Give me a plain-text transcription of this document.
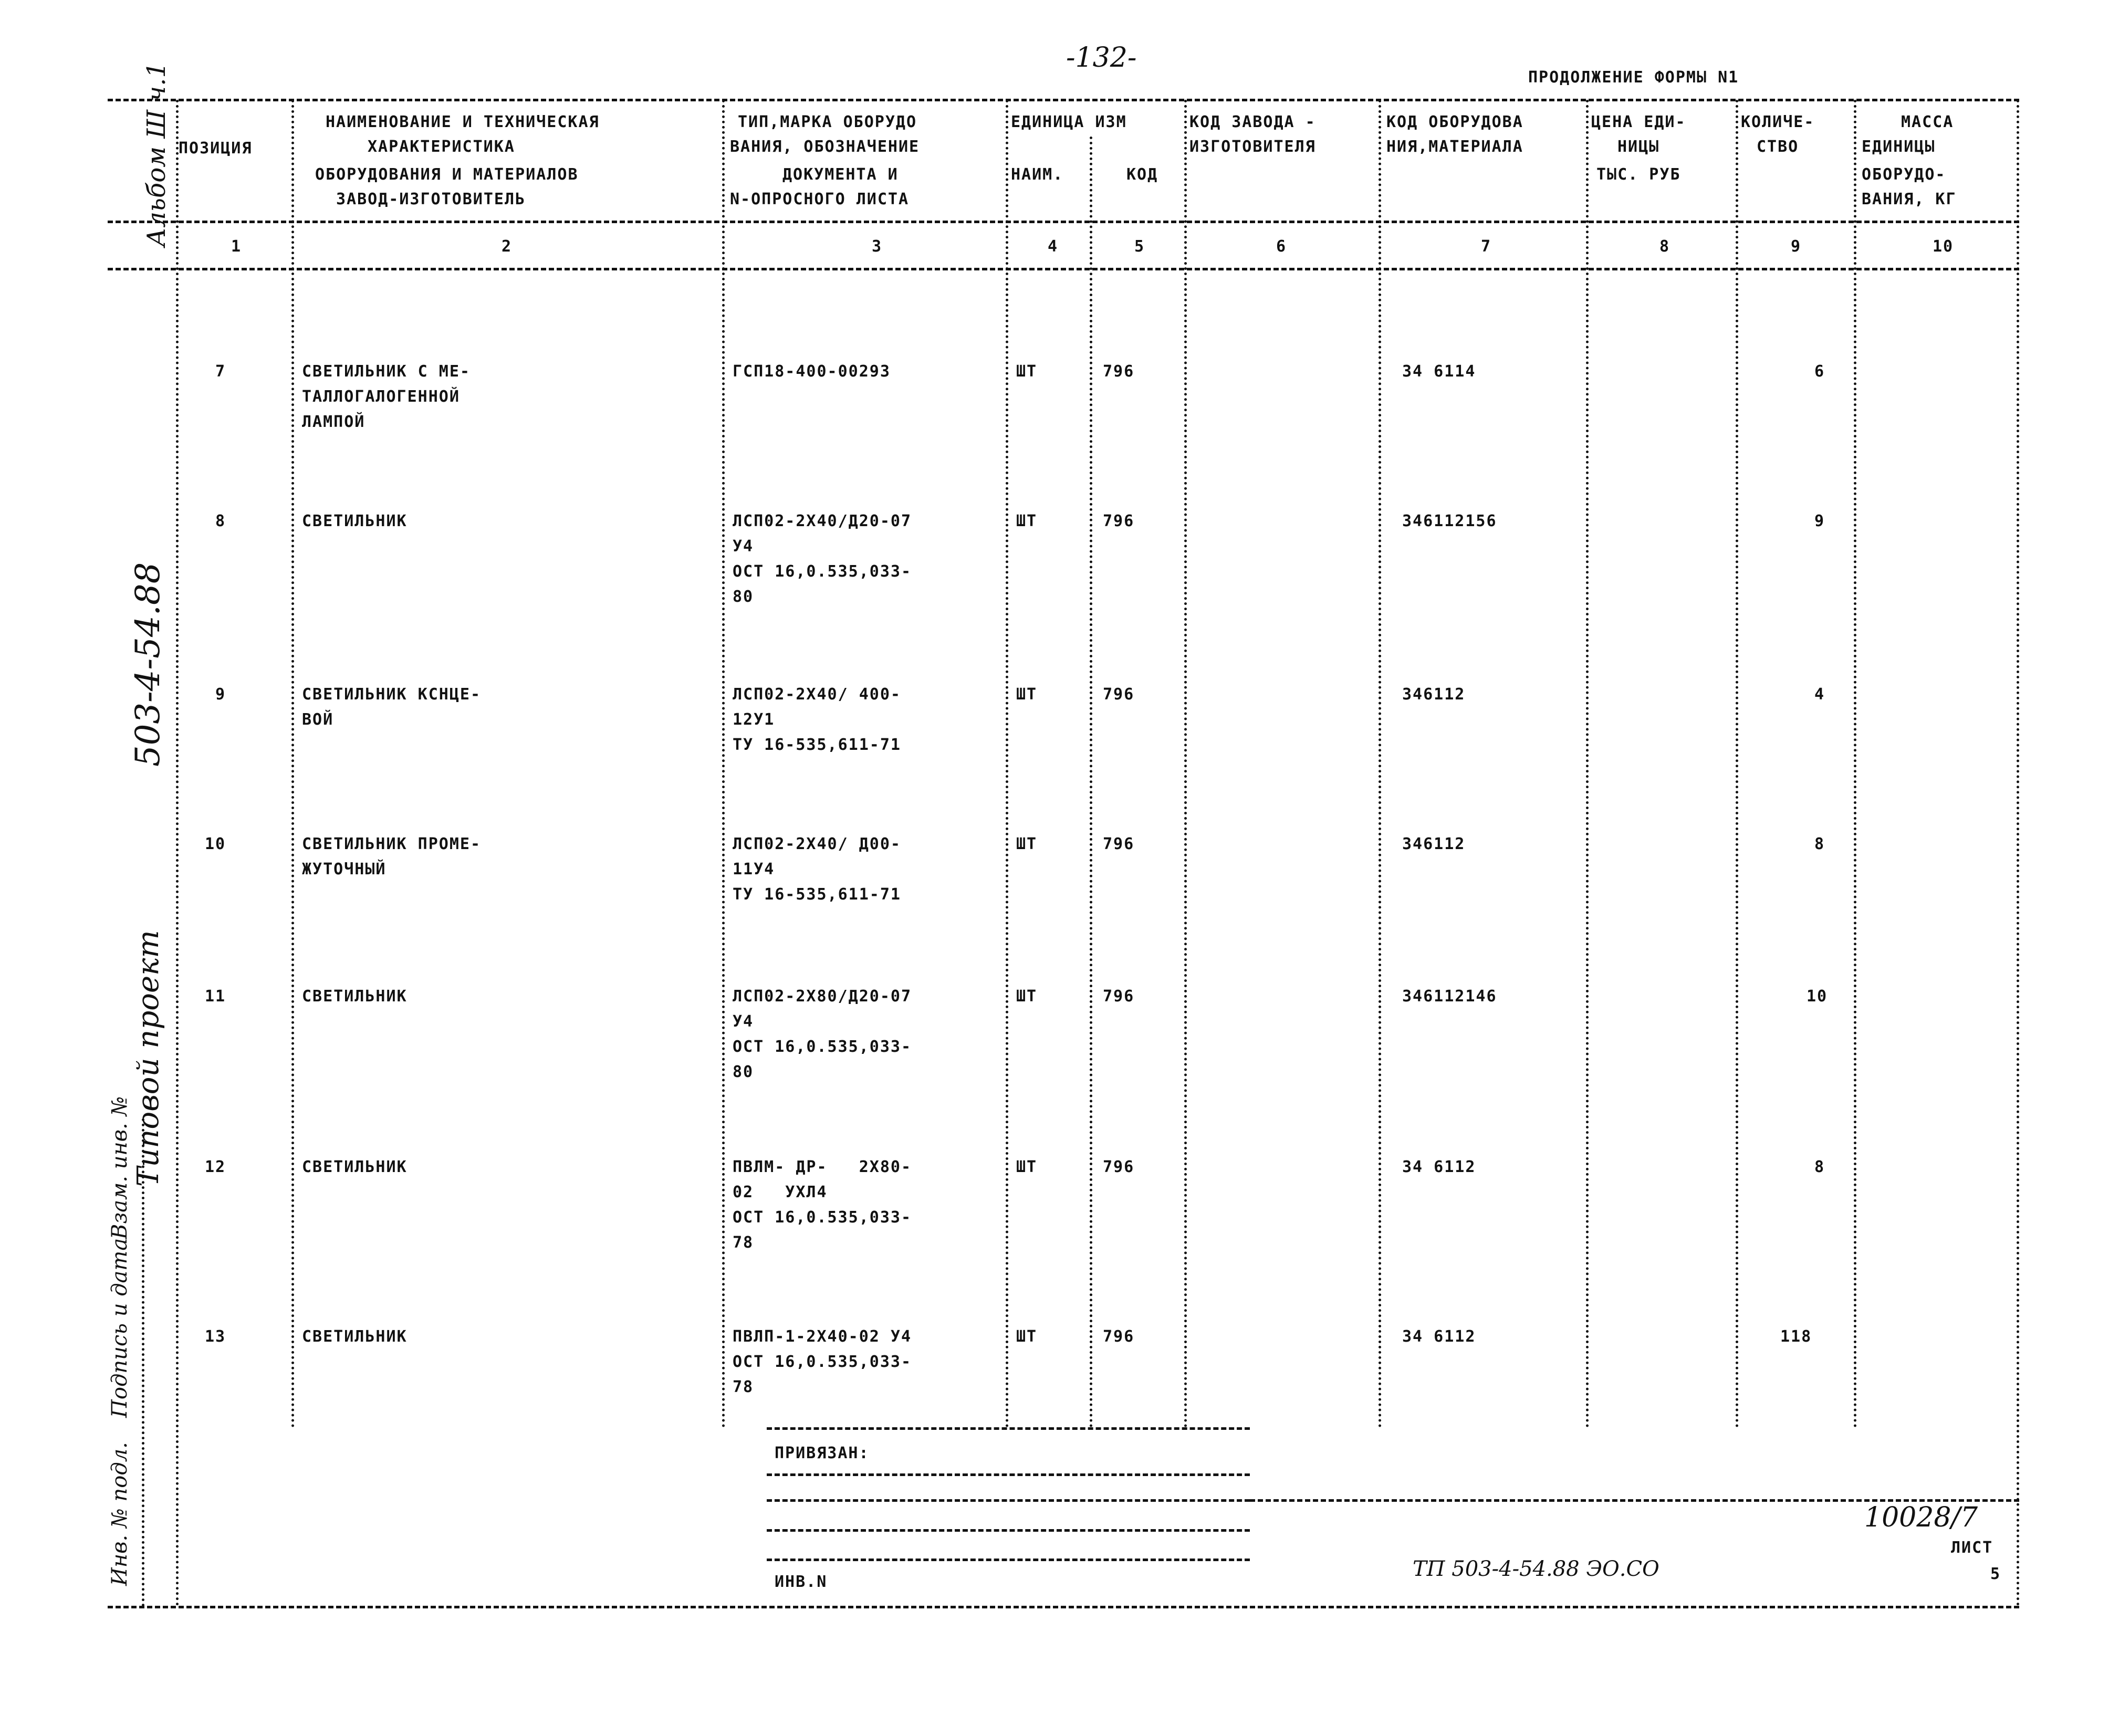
-132-
ПРОДОЛЖЕНИЕ ФОРМЫ N1
Альбом Ш ч.1
503-4-54.88
Типовой проект
Взам. инв. №
Подпись и дата
Инв. № подл.
ПОЗИЦИЯ
НАИМЕНОВАНИЕ И ТЕХНИЧЕСКАЯ
ХАРАКТЕРИСТИКА
ОБОРУДОВАНИЯ И МАТЕРИАЛОВ
ЗАВОД-ИЗГОТОВИТЕЛЬ
ТИП,МАРКА ОБОРУДО
ВАНИЯ, ОБОЗНАЧЕНИЕ
ДОКУМЕНТА И
N-ОПРОСНОГО ЛИСТА
ЕДИНИЦА ИЗМ
НАИМ.	КОД
КОД ЗАВОДА -
ИЗГОТОВИТЕЛЯ
КОД ОБОРУДОВА
НИЯ,МАТЕРИАЛА
ЦЕНА ЕДИ-
НИЦЫ
ТЫС. РУБ
КОЛИЧЕ-
СТВО
МАССА
ЕДИНИЦЫ
ОБОРУДО-
ВАНИЯ, КГ
1	2	3	4	5	6	7	8	9	10
7	СВЕТИЛЬНИК С МЕ-
ТАЛЛОГАЛОГЕННОЙ
ЛАМПОЙ
ГСП18-400-00293	ШТ	796	34 6114	6
8	СВЕТИЛЬНИК	ЛСП02-2X40/Д20-07
У4
ОСТ 16,0.535,033-
80
ШТ	796	346112156	9
9	СВЕТИЛЬНИК КСНЦЕ-
ВОЙ
ЛСП02-2X40/ 400-
12У1
ТУ 16-535,611-71
ШТ	796	346112	4
10	СВЕТИЛЬНИК ПРОМЕ-
ЖУТОЧНЫЙ
ЛСП02-2X40/ Д00-
11У4
ТУ 16-535,611-71
ШТ	796	346112	8
11	СВЕТИЛЬНИК	ЛСП02-2X80/Д20-07
У4
ОСТ 16,0.535,033-
80
ШТ	796	346112146	10
12	СВЕТИЛЬНИК	ПВЛМ- ДР-   2X80-
02   УХЛ4
ОСТ 16,0.535,033-
78
ШТ	796	34 6112	8
13	СВЕТИЛЬНИК	ПВЛП-1-2X40-02 У4
ОСТ 16,0.535,033-
78
ШТ	796	34 6112	118
ПРИВЯЗАН:
ИНВ.N
10028/7
ЛИСТ
5
ТП 503-4-54.88 ЭО.СО
